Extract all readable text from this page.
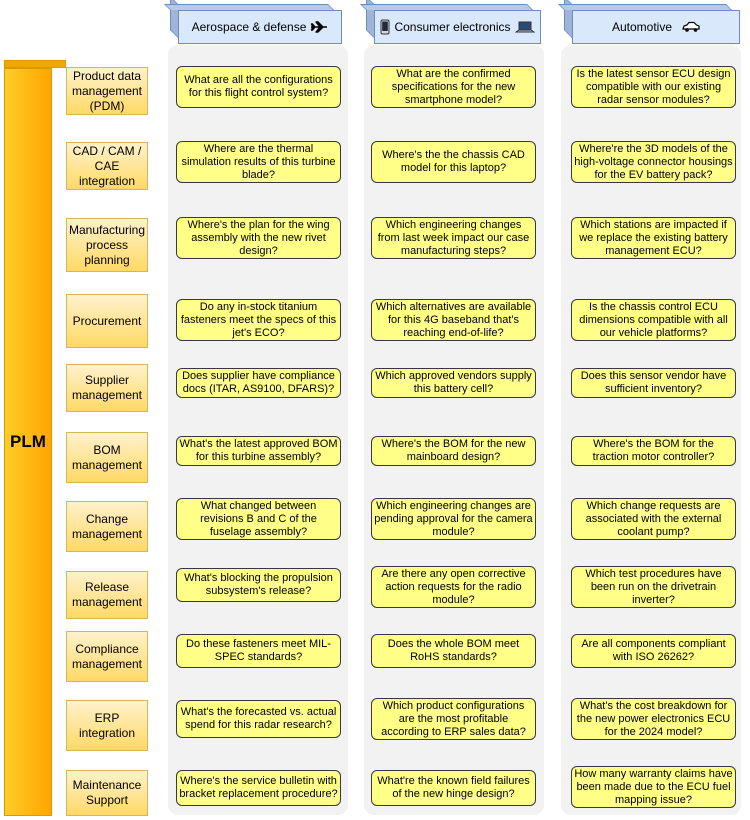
Aerospace & defense	Consumer electronics	Automotive
PLM
Product data management (PDM)
CAD / CAM / CAE integration
Manufacturing process planning
Procurement
Supplier management
BOM management
Change management
Release management
Compliance management
ERP integration
Maintenance Support
What are all the configurations for this flight control system?
What are the confirmed specifications for the new smartphone model?
Is the latest sensor ECU design compatible with our existing radar sensor modules?
Where are the thermal simulation results of this turbine blade?
Where's the the chassis CAD model for this laptop?
Where're the 3D models of the high-voltage connector housings for the EV battery pack?
Where's the plan for the wing assembly with the new rivet design?
Which engineering changes from last week impact our case manufacturing steps?
Which stations are impacted if we replace the existing battery management ECU?
Do any in-stock titanium fasteners meet the specs of this jet's ECO?
Which alternatives are available for this 4G baseband that's reaching end-of-life?
Is the chassis control ECU dimensions compatible with all our vehicle platforms?
Does supplier have compliance docs (ITAR, AS9100, DFARS)?
Which approved vendors supply this battery cell?
Does this sensor vendor have sufficient inventory?
What's the latest approved BOM for this turbine assembly?
Where's the BOM for the new mainboard design?
Where's the BOM for the traction motor controller?
What changed between revisions B and C of the fuselage assembly?
Which engineering changes are pending approval for the camera module?
Which change requests are associated with the external coolant pump?
What's blocking the propulsion subsystem's release?
Are there any open corrective action requests for the radio module?
Which test procedures have been run on the drivetrain inverter?
Do these fasteners meet MIL-SPEC standards?
Does the whole BOM meet RoHS standards?
Are all components compliant with ISO 26262?
What's the forecasted vs. actual spend for this radar research?
Which product configurations are the most profitable according to ERP sales data?
What's the cost breakdown for the new power electronics ECU for the 2024 model?
Where's the service bulletin with bracket replacement procedure?
What're the known field failures of the new hinge design?
How many warranty claims have been made due to the ECU fuel mapping issue?
